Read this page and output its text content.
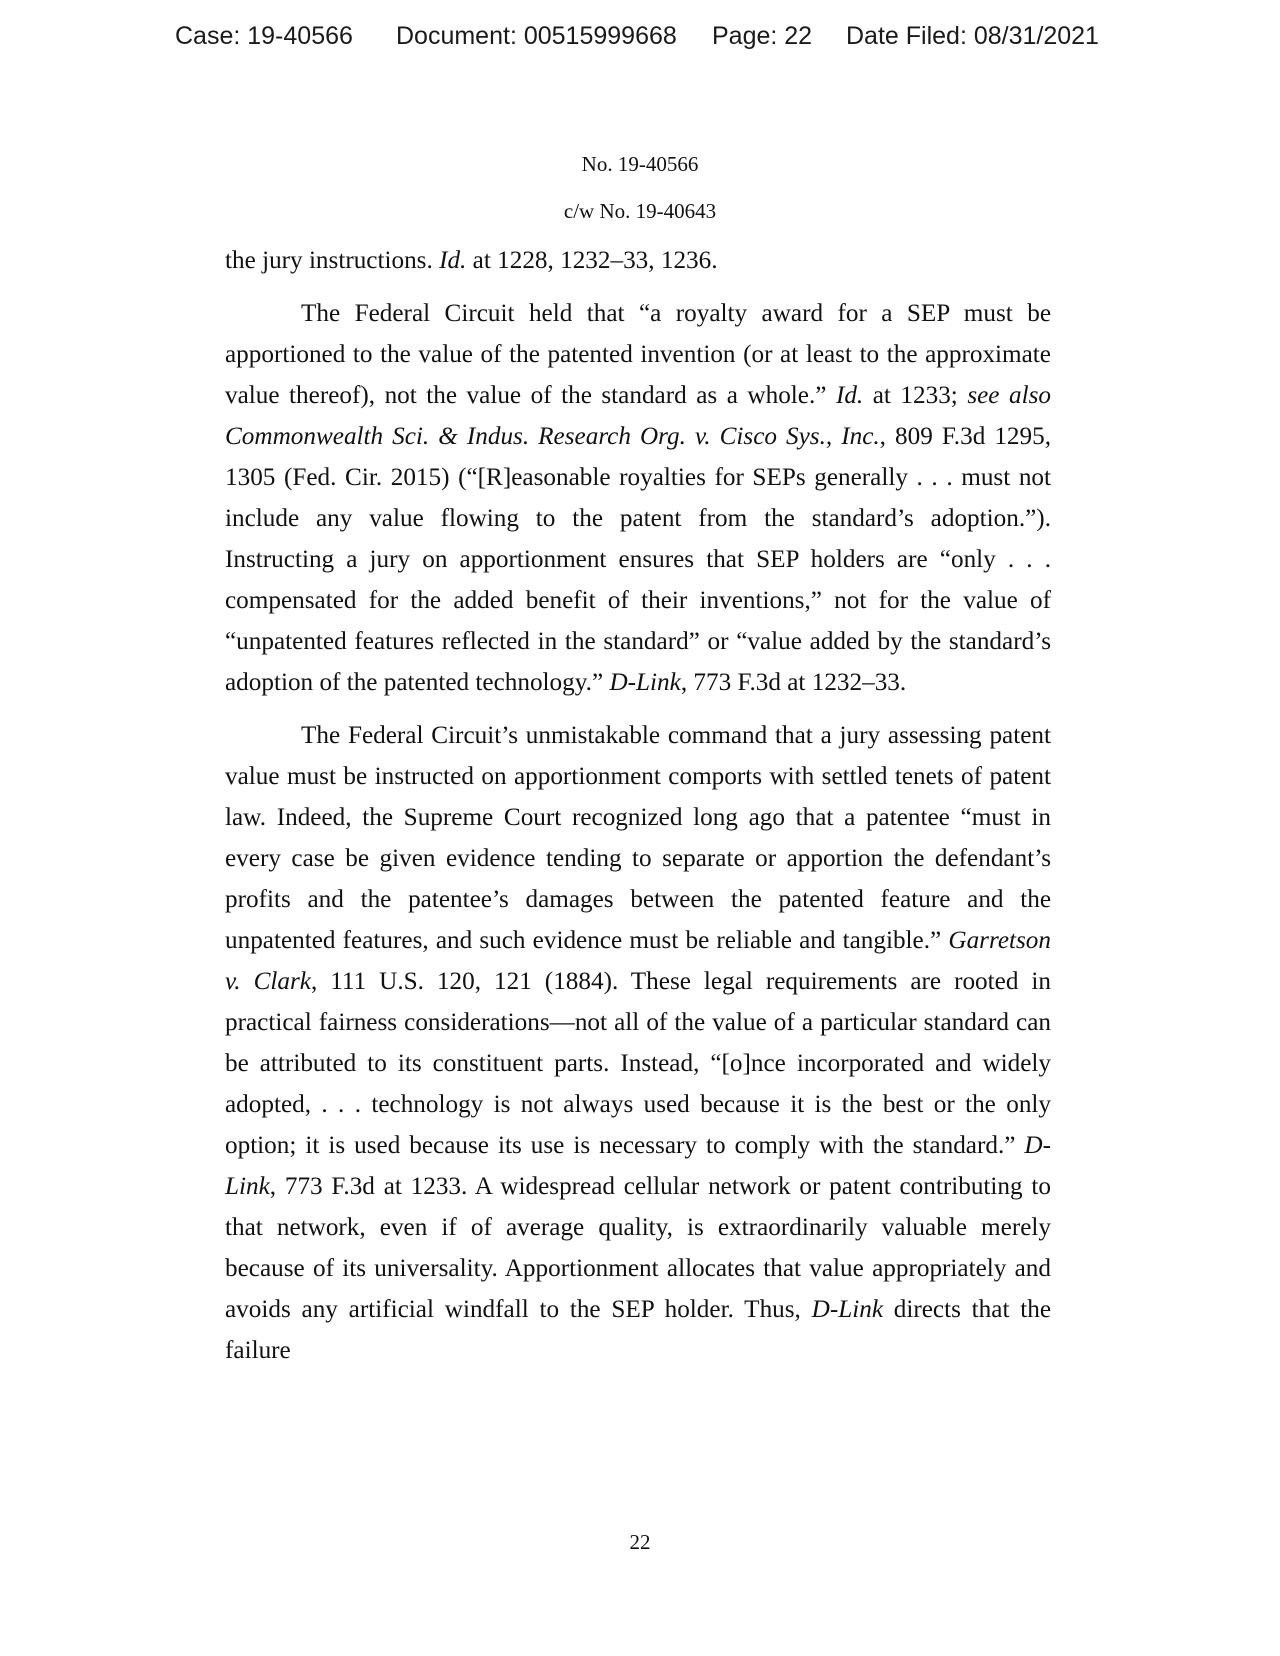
Case: 19-40566 Document: 00515999668 Page: 22 Date Filed: 08/31/2021
No. 19-40566
c/w No. 19-40643

the jury instructions. Id. at 1228, 1232–33, 1236.

The Federal Circuit held that “a royalty award for a SEP must be apportioned to the value of the patented invention (or at least to the approximate value thereof), not the value of the standard as a whole.” Id. at 1233; see also Commonwealth Sci. & Indus. Research Org. v. Cisco Sys., Inc., 809 F.3d 1295, 1305 (Fed. Cir. 2015) (“[R]easonable royalties for SEPs generally . . . must not include any value flowing to the patent from the standard’s adoption.”). Instructing a jury on apportionment ensures that SEP holders are “only . . . compensated for the added benefit of their inventions,” not for the value of “unpatented features reflected in the standard” or “value added by the standard’s adoption of the patented technology.” D-Link, 773 F.3d at 1232–33.

The Federal Circuit’s unmistakable command that a jury assessing patent value must be instructed on apportionment comports with settled tenets of patent law. Indeed, the Supreme Court recognized long ago that a patentee “must in every case be given evidence tending to separate or apportion the defendant’s profits and the patentee’s damages between the patented feature and the unpatented features, and such evidence must be reliable and tangible.” Garretson v. Clark, 111 U.S. 120, 121 (1884). These legal requirements are rooted in practical fairness considerations—not all of the value of a particular standard can be attributed to its constituent parts. Instead, “[o]nce incorporated and widely adopted, . . . technology is not always used because it is the best or the only option; it is used because its use is necessary to comply with the standard.” D-Link, 773 F.3d at 1233. A widespread cellular network or patent contributing to that network, even if of average quality, is extraordinarily valuable merely because of its universality. Apportionment allocates that value appropriately and avoids any artificial windfall to the SEP holder. Thus, D-Link directs that the failure

22
